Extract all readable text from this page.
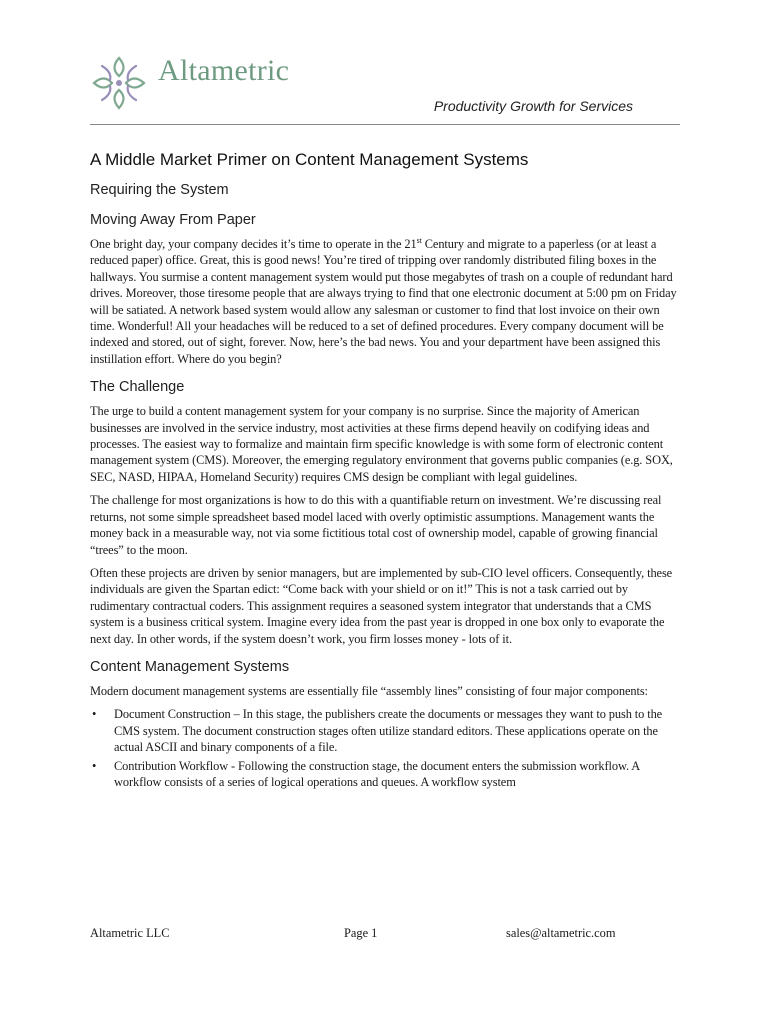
Altametric
Productivity Growth for Services
A Middle Market Primer on Content Management Systems
Requiring the System
Moving Away From Paper

One bright day, your company decides it’s time to operate in the 21st Century and migrate to a paperless (or at least a reduced paper) office. Great, this is good news! You’re tired of tripping over randomly distributed filing boxes in the hallways. You surmise a content management system would put those megabytes of trash on a couple of redundant hard drives. Moreover, those tiresome people that are always trying to find that one electronic document at 5:00 pm on Friday will be satiated. A network based system would allow any salesman or customer to find that lost invoice on their own time. Wonderful! All your headaches will be reduced to a set of defined procedures. Every company document will be indexed and stored, out of sight, forever. Now, here’s the bad news. You and your department have been assigned this instillation effort. Where do you begin?

The Challenge

The urge to build a content management system for your company is no surprise. Since the majority of American businesses are involved in the service industry, most activities at these firms depend heavily on codifying ideas and processes. The easiest way to formalize and maintain firm specific knowledge is with some form of electronic content management system (CMS). Moreover, the emerging regulatory environment that governs public companies (e.g. SOX, SEC, NASD, HIPAA, Homeland Security) requires CMS design be compliant with legal guidelines.

The challenge for most organizations is how to do this with a quantifiable return on investment. We’re discussing real returns, not some simple spreadsheet based model laced with overly optimistic assumptions. Management wants the money back in a measurable way, not via some fictitious total cost of ownership model, capable of growing financial “trees” to the moon.

Often these projects are driven by senior managers, but are implemented by sub-CIO level officers. Consequently, these individuals are given the Spartan edict: “Come back with your shield or on it!” This is not a task carried out by rudimentary contractual coders. This assignment requires a seasoned system integrator that understands that a CMS system is a business critical system. Imagine every idea from the past year is dropped in one box only to evaporate the next day. In other words, if the system doesn’t work, you firm losses money - lots of it.

Content Management Systems

Modern document management systems are essentially file “assembly lines” consisting of four major components:

• Document Construction – In this stage, the publishers create the documents or messages they want to push to the CMS system. The document construction stages often utilize standard editors. These applications operate on the actual ASCII and binary components of a file.
• Contribution Workflow - Following the construction stage, the document enters the submission workflow. A workflow consists of a series of logical operations and queues. A workflow system
Altametric LLC	Page 1	sales@altametric.com
